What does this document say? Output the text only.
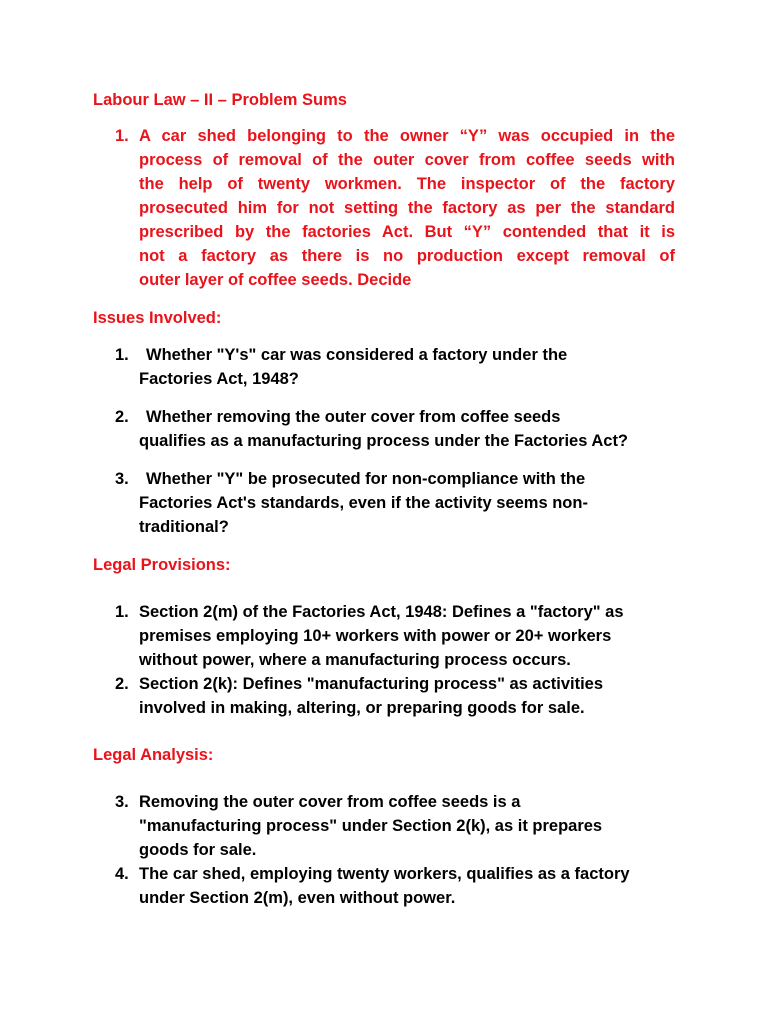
Labour Law – II – Problem Sums
1. A car shed belonging to the owner “Y” was occupied in the
process of removal of the outer cover from coffee seeds with
the help of twenty workmen. The inspector of the factory
prosecuted him for not setting the factory as per the standard
prescribed by the factories Act. But “Y” contended that it is
not a factory as there is no production except removal of
outer layer of coffee seeds. Decide
Issues Involved:
1.	Whether "Y's" car was considered a factory under the
Factories Act, 1948?
2.	Whether removing the outer cover from coffee seeds
qualifies as a manufacturing process under the Factories Act?
3.	Whether "Y" be prosecuted for non-compliance with the
Factories Act's standards, even if the activity seems non-
traditional?
Legal Provisions:
1. Section 2(m) of the Factories Act, 1948: Defines a "factory" as
premises employing 10+ workers with power or 20+ workers
without power, where a manufacturing process occurs.
2. Section 2(k): Defines "manufacturing process" as activities
involved in making, altering, or preparing goods for sale.
Legal Analysis:
3. Removing the outer cover from coffee seeds is a
"manufacturing process" under Section 2(k), as it prepares
goods for sale.
4. The car shed, employing twenty workers, qualifies as a factory
under Section 2(m), even without power.
